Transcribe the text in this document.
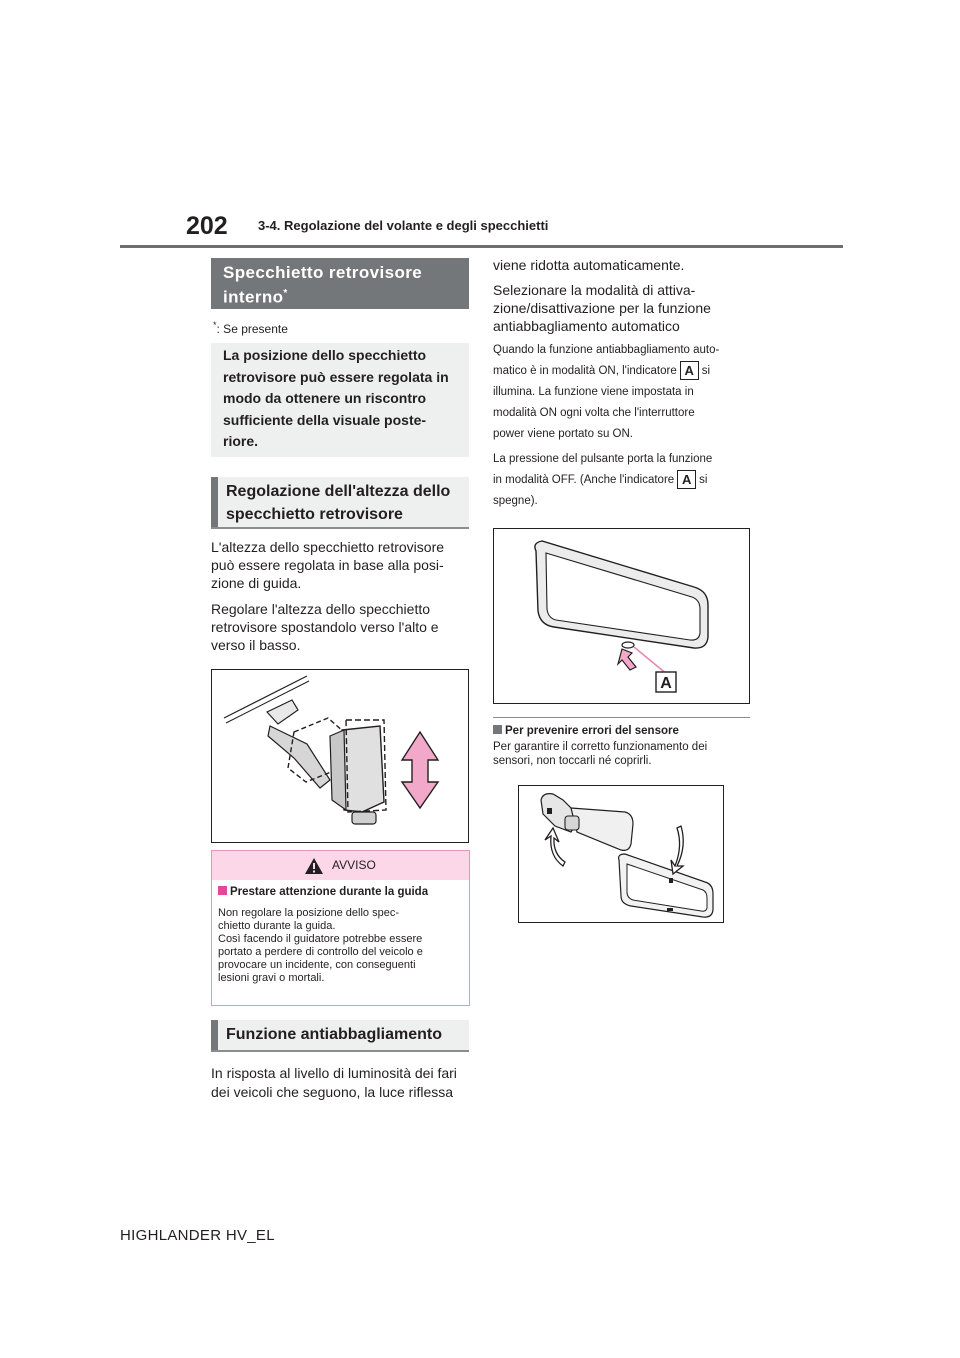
202 3-4. Regolazione del volante e degli specchietti
Specchietto retrovisore
interno*
*: Se presente
La posizione dello specchietto
retrovisore può essere regolata in
modo da ottenere un riscontro
sufficiente della visuale poste-
riore.
Regolazione dell'altezza dello
specchietto retrovisore
L'altezza dello specchietto retrovisore
può essere regolata in base alla posi-
zione di guida.
Regolare l'altezza dello specchietto
retrovisore spostandolo verso l'alto e
verso il basso.
AVVISO
Prestare attenzione durante la guida
Non regolare la posizione dello spec-
chietto durante la guida.
Così facendo il guidatore potrebbe essere
portato a perdere di controllo del veicolo e
provocare un incidente, con conseguenti
lesioni gravi o mortali.
Funzione antiabbagliamento
In risposta al livello di luminosità dei fari
dei veicoli che seguono, la luce riflessa
viene ridotta automaticamente.
Selezionare la modalità di attiva-
zione/disattivazione per la funzione
antiabbagliamento automatico
Quando la funzione antiabbagliamento auto-
matico è in modalità ON, l'indicatore A si
illumina. La funzione viene impostata in
modalità ON ogni volta che l'interruttore
power viene portato su ON.
La pressione del pulsante porta la funzione
in modalità OFF. (Anche l'indicatore A si
spegne).
A
Per prevenire errori del sensore
Per garantire il corretto funzionamento dei
sensori, non toccarli né coprirli.
HIGHLANDER HV_EL
